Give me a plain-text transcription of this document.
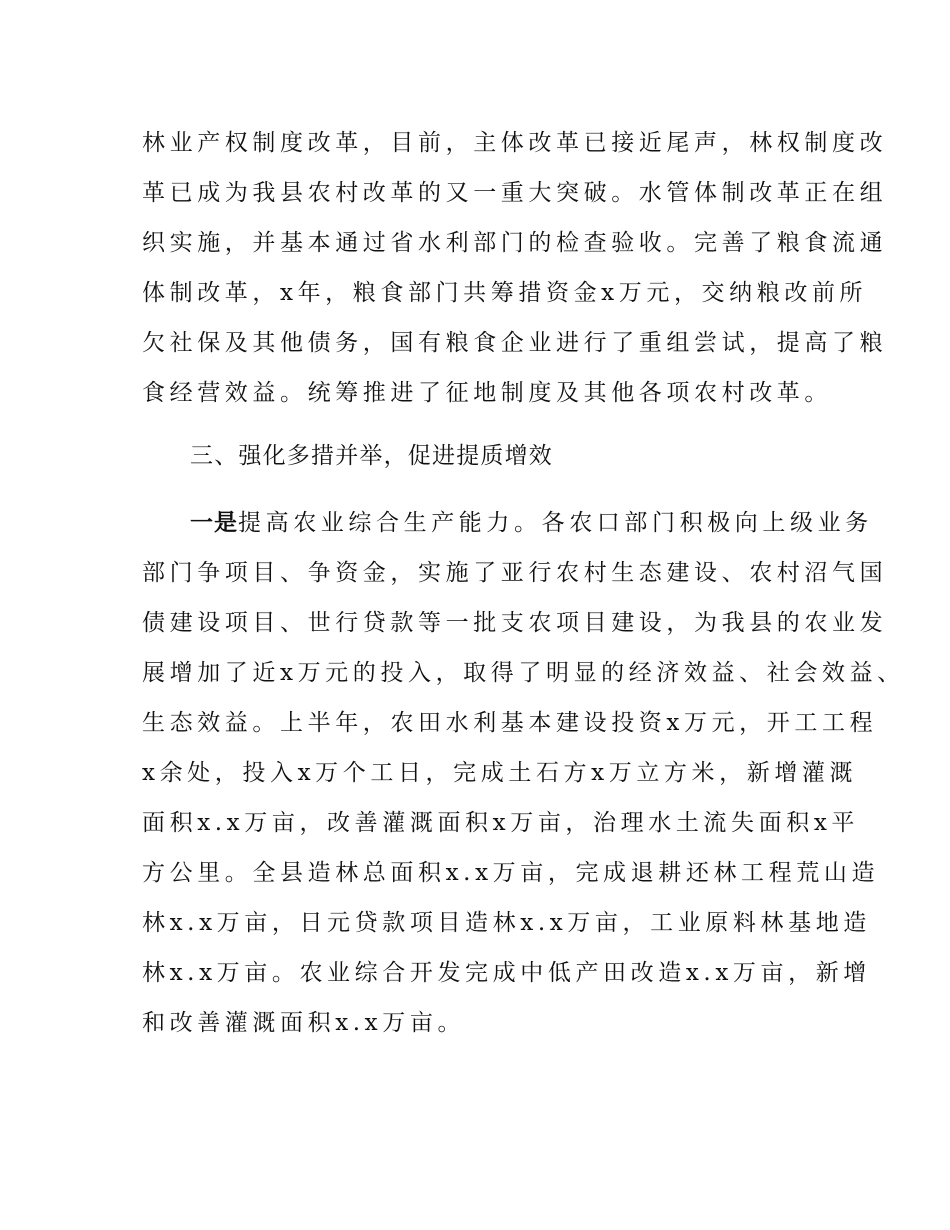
林业产权制度改革，目前，主体改革已接近尾声，林权制度改
革已成为我县农村改革的又一重大突破。水管体制改革正在组
织实施，并基本通过省水利部门的检查验收。完善了粮食流通
体制改革，x年，粮食部门共筹措资金x万元，交纳粮改前所
欠社保及其他债务，国有粮食企业进行了重组尝试，提高了粮
食经营效益。统筹推进了征地制度及其他各项农村改革。
三、强化多措并举，促进提质增效
一是提高农业综合生产能力。各农口部门积极向上级业务
部门争项目、争资金，实施了亚行农村生态建设、农村沼气国
债建设项目、世行贷款等一批支农项目建设，为我县的农业发
展增加了近x万元的投入，取得了明显的经济效益、社会效益、
生态效益。上半年，农田水利基本建设投资x万元，开工工程
x余处，投入x万个工日，完成土石方x万立方米，新增灌溉
面积x.x万亩，改善灌溉面积x万亩，治理水土流失面积x平
方公里。全县造林总面积x.x万亩，完成退耕还林工程荒山造
林x.x万亩，日元贷款项目造林x.x万亩，工业原料林基地造
林x.x万亩。农业综合开发完成中低产田改造x.x万亩，新增
和改善灌溉面积x.x万亩。
